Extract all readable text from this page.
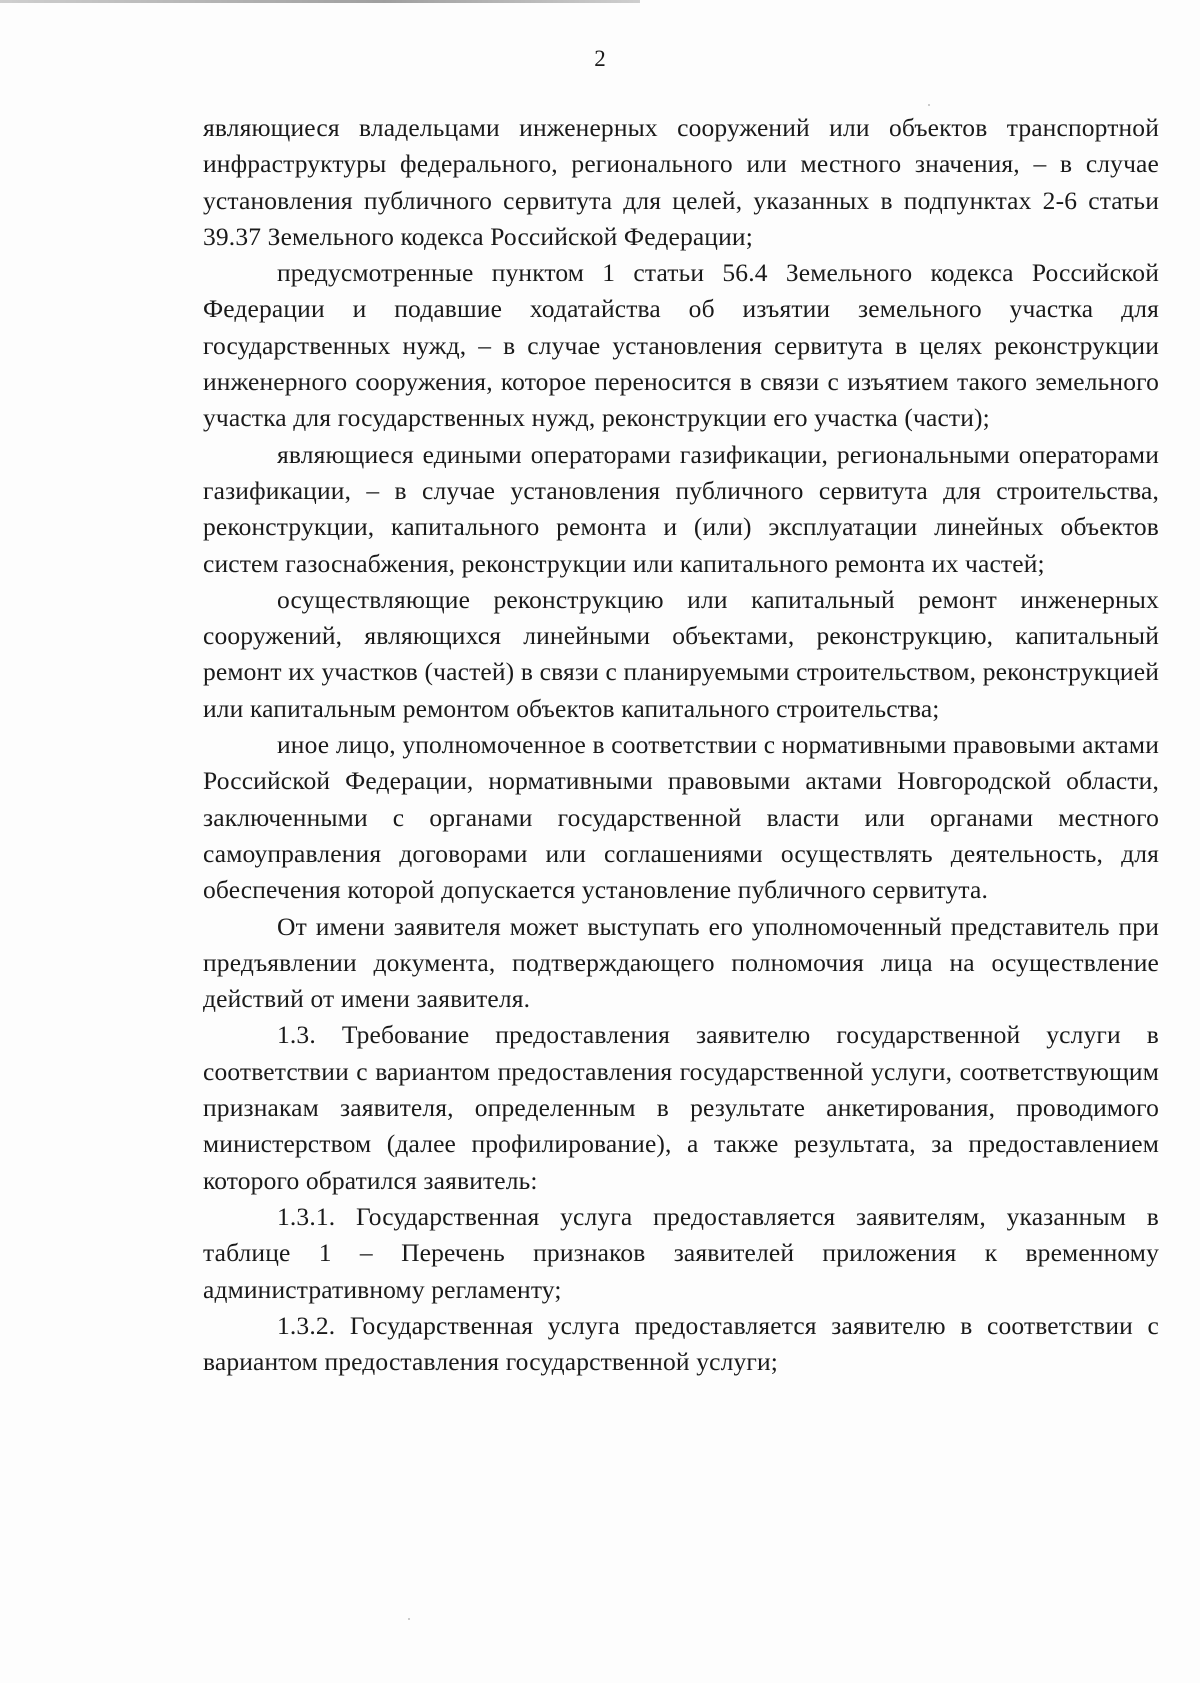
2

являющиеся владельцами инженерных сооружений или объектов транспортной инфраструктуры федерального, регионального или местного значения, – в случае установления публичного сервитута для целей, указанных в подпунктах 2-6 статьи 39.37 Земельного кодекса Российской Федерации;

предусмотренные пунктом 1 статьи 56.4 Земельного кодекса Российской Федерации и подавшие ходатайства об изъятии земельного участка для государственных нужд, – в случае установления сервитута в целях реконструкции инженерного сооружения, которое переносится в связи с изъятием такого земельного участка для государственных нужд, реконструкции его участка (части);

являющиеся едиными операторами газификации, региональными операторами газификации, – в случае установления публичного сервитута для строительства, реконструкции, капитального ремонта и (или) эксплуатации линейных объектов систем газоснабжения, реконструкции или капитального ремонта их частей;

осуществляющие реконструкцию или капитальный ремонт инженерных сооружений, являющихся линейными объектами, реконструкцию, капитальный ремонт их участков (частей) в связи с планируемыми строительством, реконструкцией или капитальным ремонтом объектов капитального строительства;

иное лицо, уполномоченное в соответствии с нормативными правовыми актами Российской Федерации, нормативными правовыми актами Новгородской области, заключенными с органами государственной власти или органами местного самоуправления договорами или соглашениями осуществлять деятельность, для обеспечения которой допускается установление публичного сервитута.

От имени заявителя может выступать его уполномоченный представитель при предъявлении документа, подтверждающего полномочия лица на осуществление действий от имени заявителя.

1.3. Требование предоставления заявителю государственной услуги в соответствии с вариантом предоставления государственной услуги, соответствующим признакам заявителя, определенным в результате анкетирования, проводимого министерством (далее профилирование), а также результата, за предоставлением которого обратился заявитель:

1.3.1. Государственная услуга предоставляется заявителям, указанным в таблице 1 – Перечень признаков заявителей приложения к временному административному регламенту;

1.3.2. Государственная услуга предоставляется заявителю в соответствии с вариантом предоставления государственной услуги;
